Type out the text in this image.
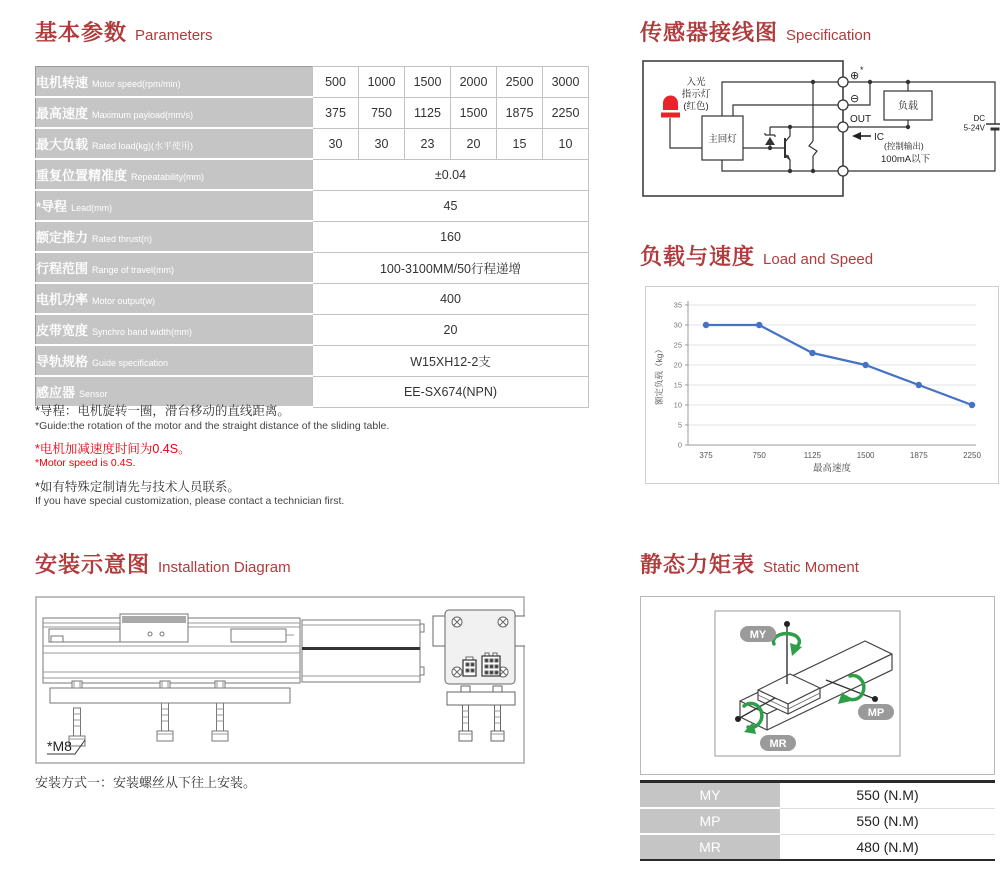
基本参数 Parameters
电机转速 Motor speed(rpm/min)	500	1000	1500	2000	2500	3000
最高速度 Maximum payload(mm/s)	375	750	1125	1500	1875	2250
最大负载 Rated load(kg)(水平使用)	30	30	23	20	15	10
重复位置精准度 Repeatability(mm)	±0.04					
*导程 Lead(mm)	45					
额定推力 Rated thrust(n)	160					
行程范围 Range of travel(mm)	100-3100MM/50行程递增					
电机功率 Motor output(w)	400					
皮带宽度 Synchro band width(mm)	20					
导轨规格 Guide specification	W15XH12-2支					
感应器 Sensor	EE-SX674(NPN)					
*导程：电机旋转一圈，滑台移动的直线距离。
*Guide:the rotation of the motor and the straight distance of the sliding table.
*电机加减速度时间为0.4S。
*Motor speed is 0.4S.
*如有特殊定制请先与技术人员联系。
If you have special customization, please contact a technician first.
传感器接线图 Specification
入光
指示灯
(红色)
主回灯
⊕ *
⊖
OUT
IC
负载
DC
5-24V
(控制输出)
100mA以下
负载与速度 Load and Speed
0
5
10
15
20
25
30
35
375	750	1125	1500	1875	2250
额定负载（kg）
最高速度
安装示意图 Installation Diagram
*M8
安装方式一：安装螺丝从下往上安装。
静态力矩表 Static Moment
MY
MP
MR
MY	550 (N.M)
MP	550 (N.M)
MR	480 (N.M)
